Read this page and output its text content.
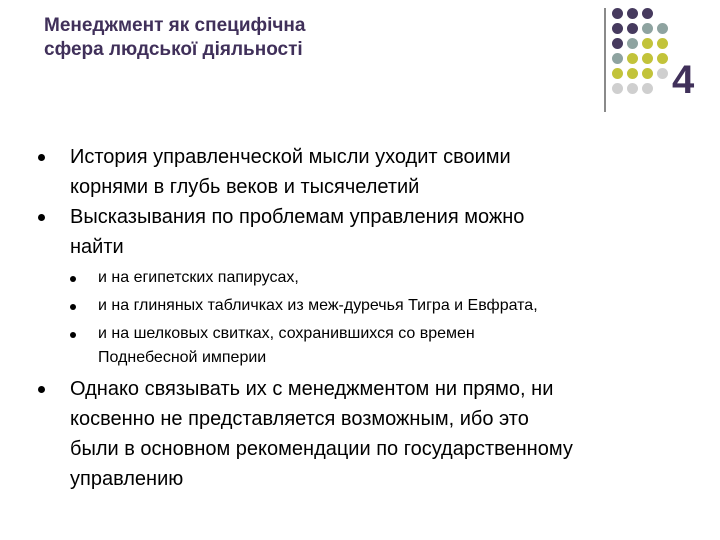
Менеджмент як специфічна
сфера людської діяльності
4
История управленческой мысли уходит своими
корнями в глубь веков и тысячелетий
Высказывания по проблемам управления можно
найти
и на египетских папирусах,
и на глиняных табличках из меж-дуречья Тигра и Евфрата,
и на шелковых свитках, сохранившихся со времен
Поднебесной империи
Однако связывать их с менеджментом ни прямо, ни
косвенно не представляется возможным, ибо это
были в основном рекомендации по государственному
управлению
